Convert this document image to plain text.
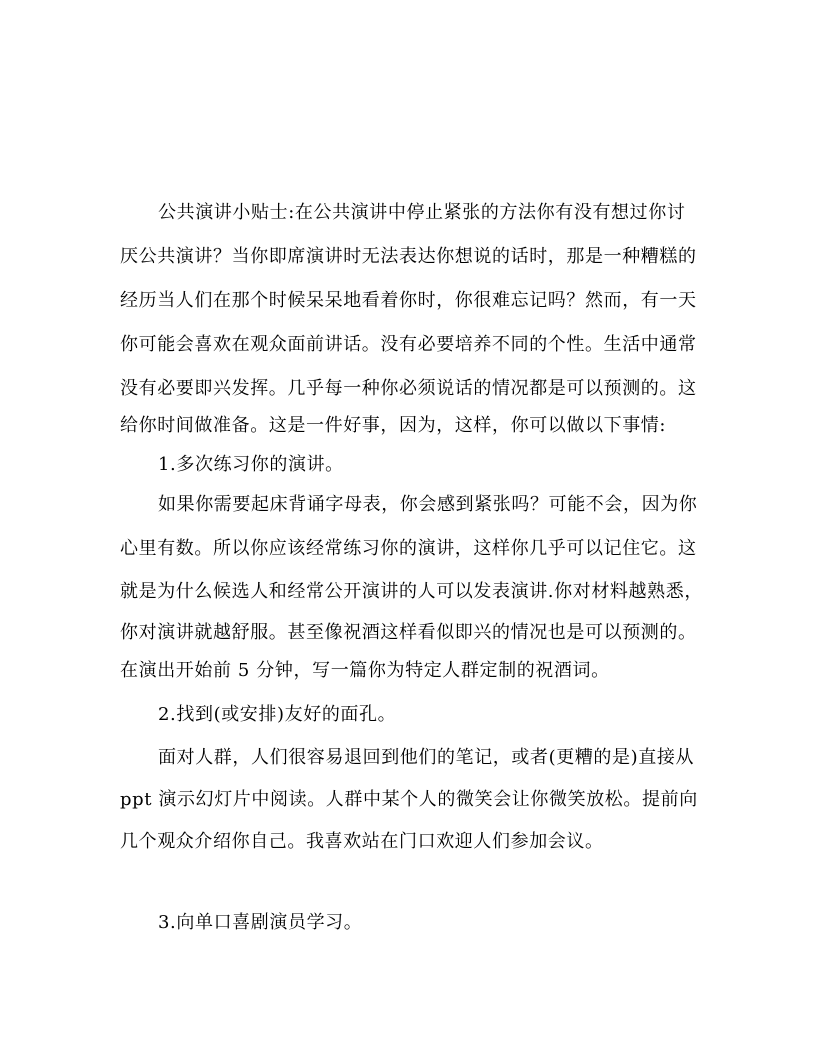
公共演讲小贴士:在公共演讲中停止紧张的方法你有没有想过你讨
厌公共演讲？当你即席演讲时无法表达你想说的话时，那是一种糟糕的
经历当人们在那个时候呆呆地看着你时，你很难忘记吗？然而，有一天
你可能会喜欢在观众面前讲话。没有必要培养不同的个性。生活中通常
没有必要即兴发挥。几乎每一种你必须说话的情况都是可以预测的。这
给你时间做准备。这是一件好事，因为，这样，你可以做以下事情:
1.多次练习你的演讲。
如果你需要起床背诵字母表，你会感到紧张吗？可能不会，因为你
心里有数。所以你应该经常练习你的演讲，这样你几乎可以记住它。这
就是为什么候选人和经常公开演讲的人可以发表演讲.你对材料越熟悉，
你对演讲就越舒服。甚至像祝酒这样看似即兴的情况也是可以预测的。
在演出开始前 5 分钟，写一篇你为特定人群定制的祝酒词。
2.找到(或安排)友好的面孔。
面对人群，人们很容易退回到他们的笔记，或者(更糟的是)直接从
ppt 演示幻灯片中阅读。人群中某个人的微笑会让你微笑放松。提前向
几个观众介绍你自己。我喜欢站在门口欢迎人们参加会议。
3.向单口喜剧演员学习。
